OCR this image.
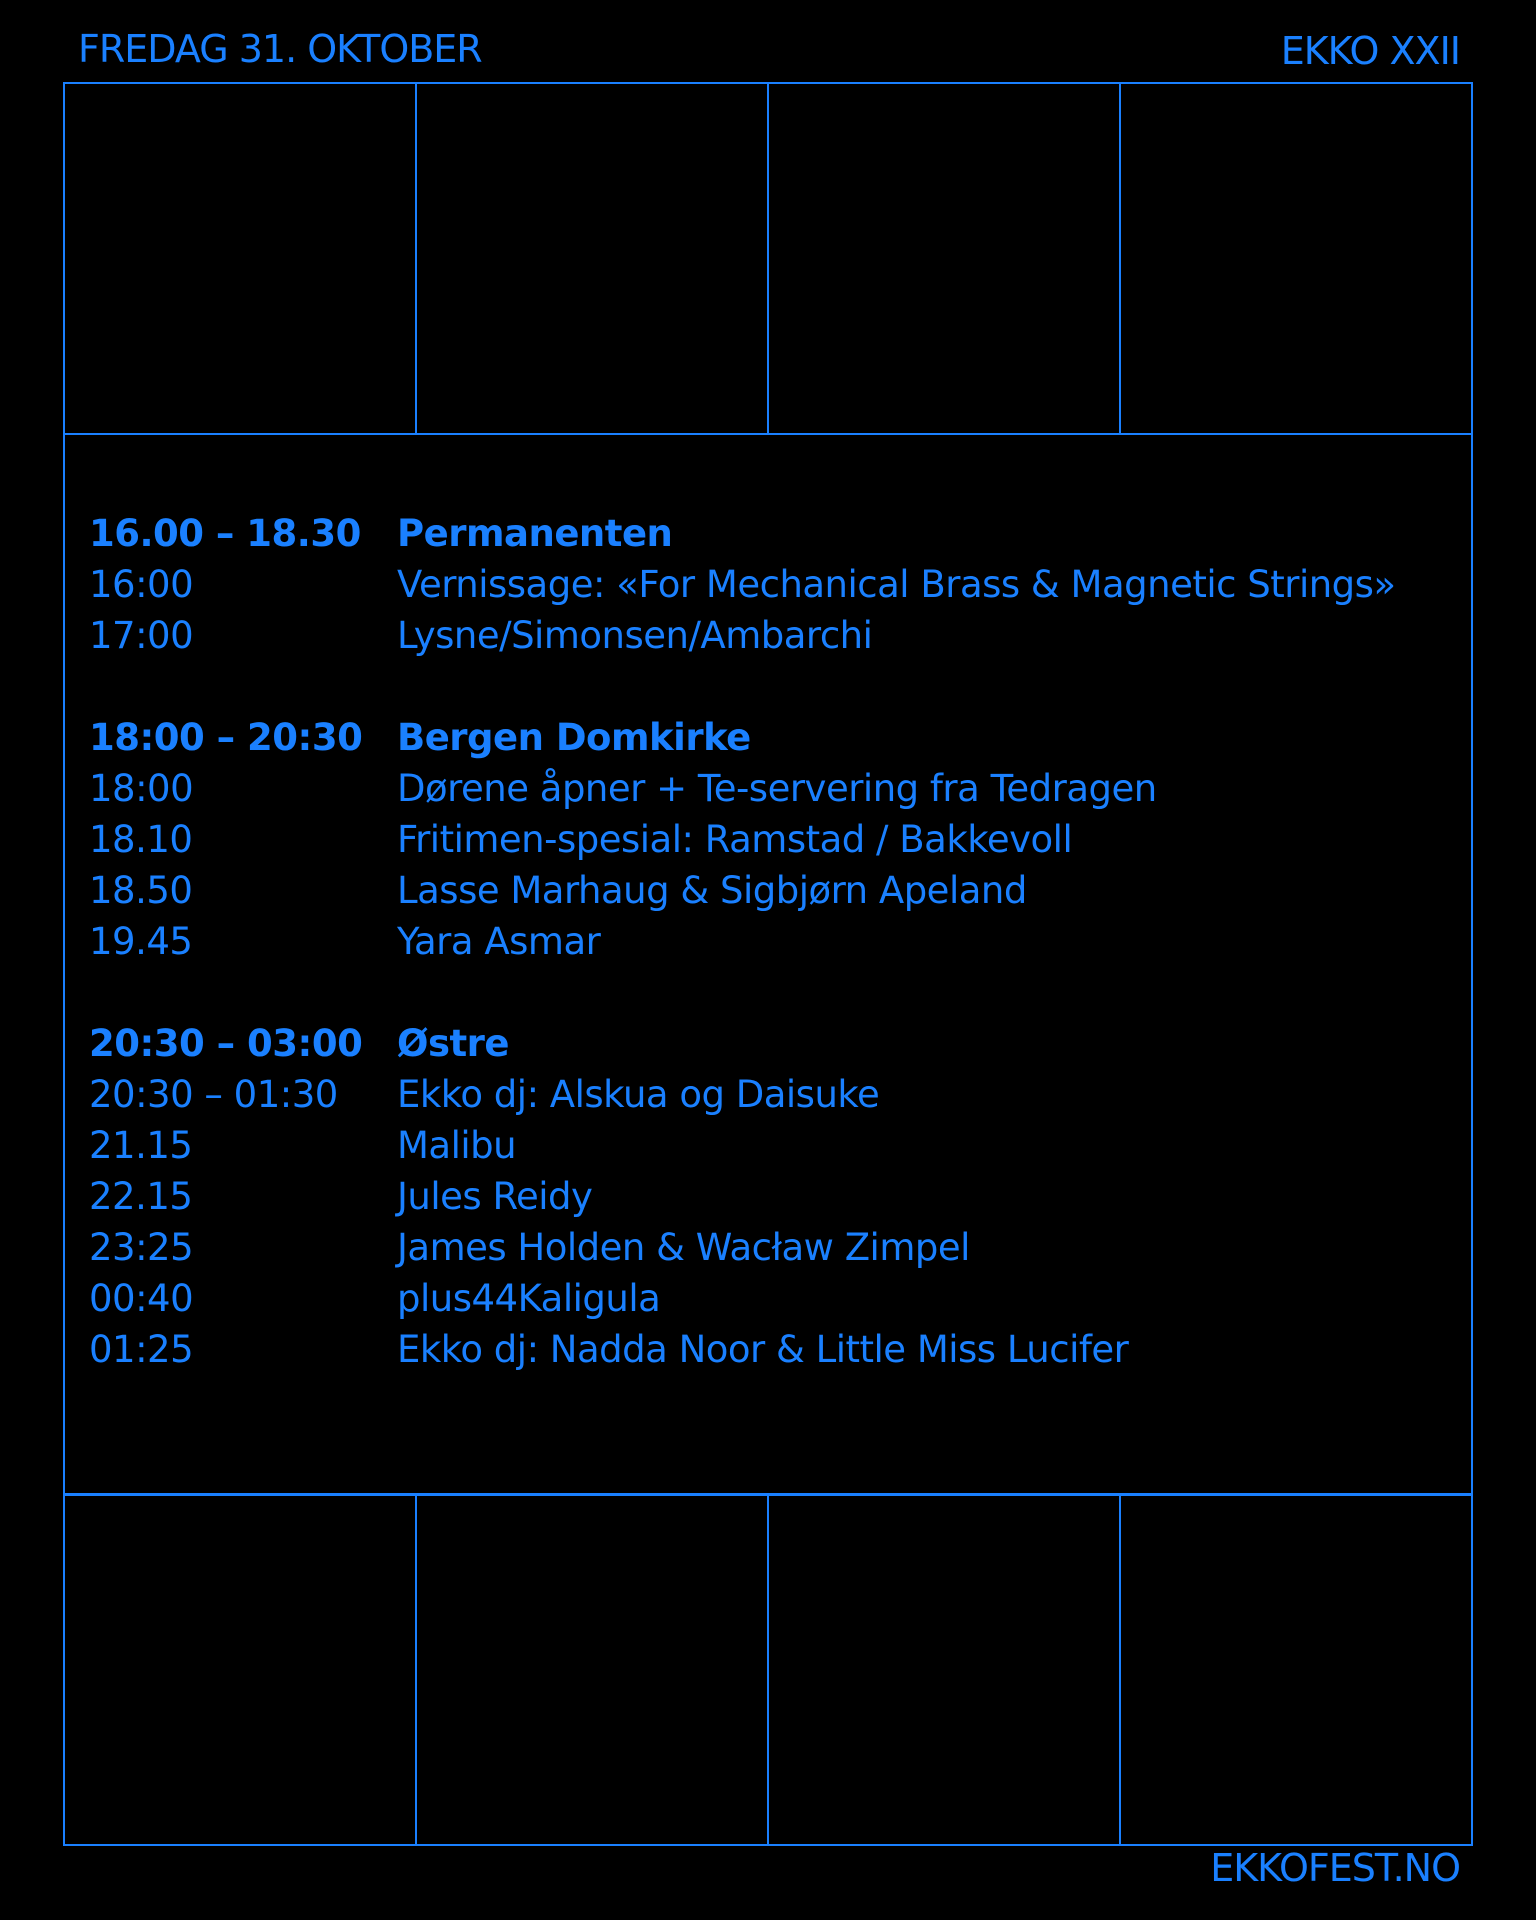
FREDAG 31. OKTOBER	EKKO XXII
16.00 – 18.30 Permanenten
16:00	Vernissage: «For Mechanical Brass & Magnetic Strings»
17:00	Lysne/Simonsen/Ambarchi
18:00 – 20:30 Bergen Domkirke
18:00	Dørene åpner + Te-servering fra Tedragen
18.10	Fritimen-spesial: Ramstad / Bakkevoll
18.50	Lasse Marhaug & Sigbjørn Apeland
19.45	Yara Asmar
20:30 – 03:00 Østre
20:30 – 01:30	Ekko dj: Alskua og Daisuke
21.15	Malibu
22.15	Jules Reidy
23:25	James Holden & Wacław Zimpel
00:40	plus44Kaligula
01:25	Ekko dj: Nadda Noor & Little Miss Lucifer
EKKOFEST.NO
